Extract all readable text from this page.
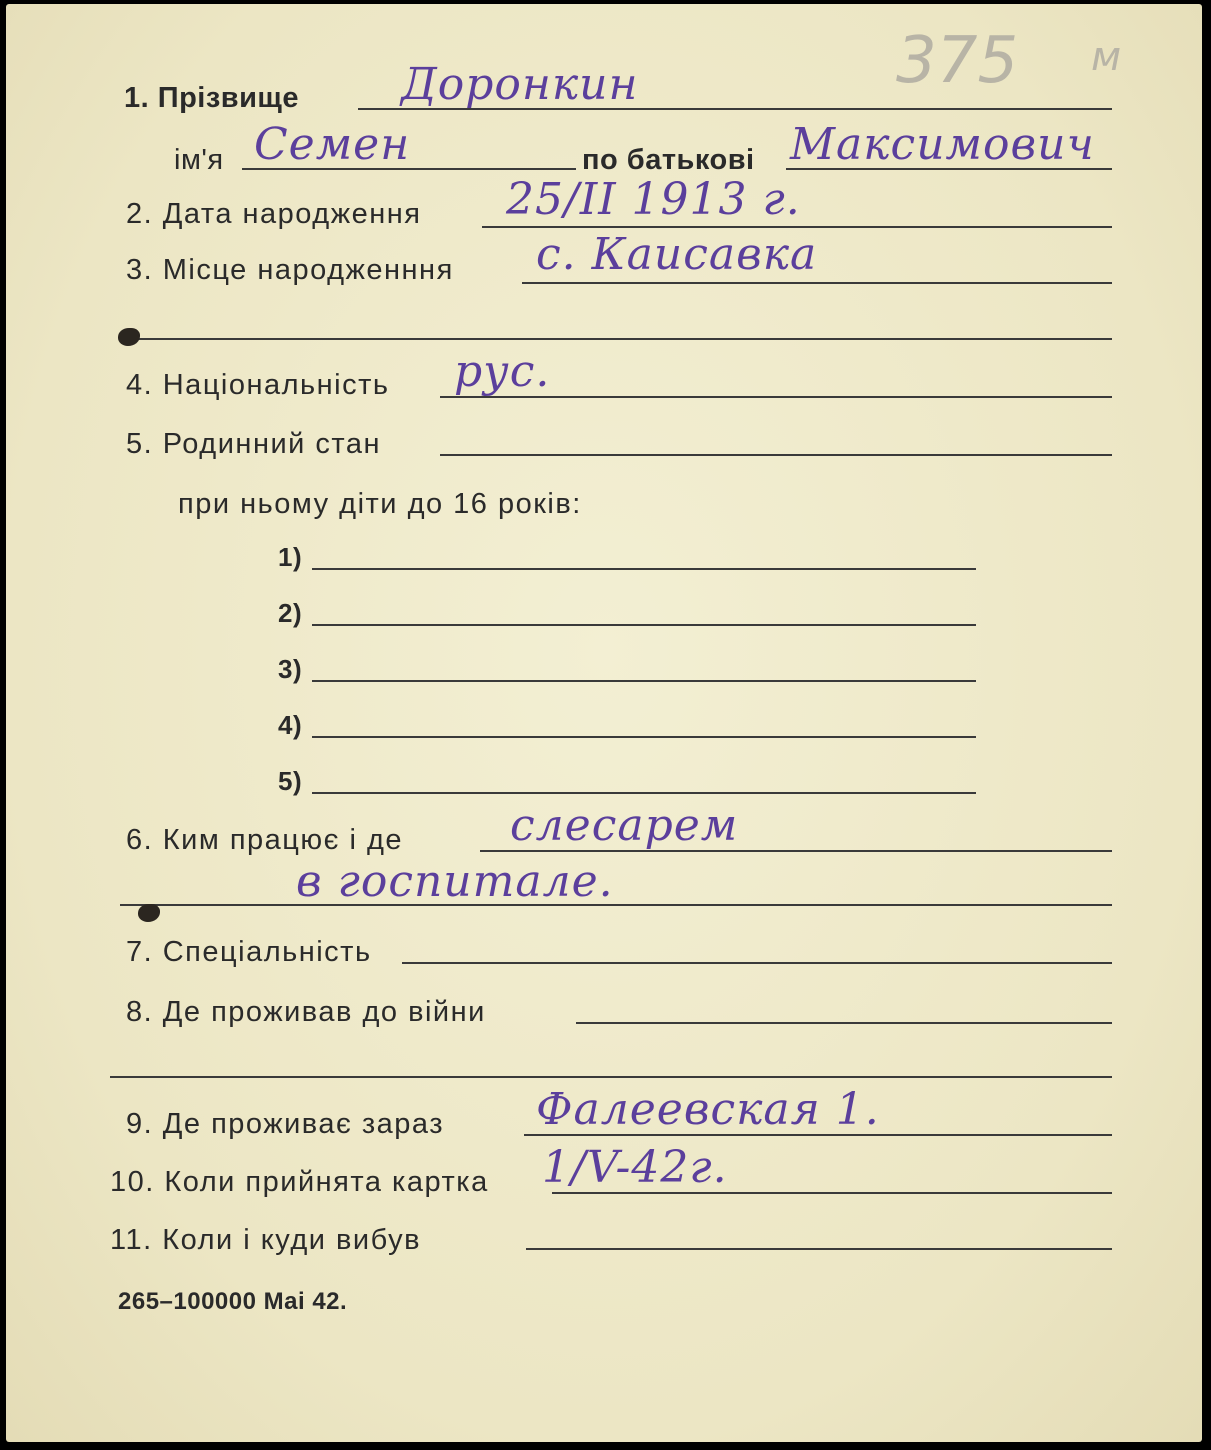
375 м
1. Прізвище Доронкин
ім'я Семен	по батькові Максимович
2. Дата народження 25/II 1913 г.
3. Місце народженння с. Каисавка
4. Національність рус.
5. Родинний стан
при ньому діти до 16 років:
1)
2)
3)
4)
5)
6. Ким працює і де слесарем
в госпитале.
7. Спеціальність
8. Де проживав до війни
9. Де проживає зараз Фалеевская 1.
10. Коли прийнята картка 1/V-42г.
11. Коли і куди вибув
265–100000 Mai 42.
